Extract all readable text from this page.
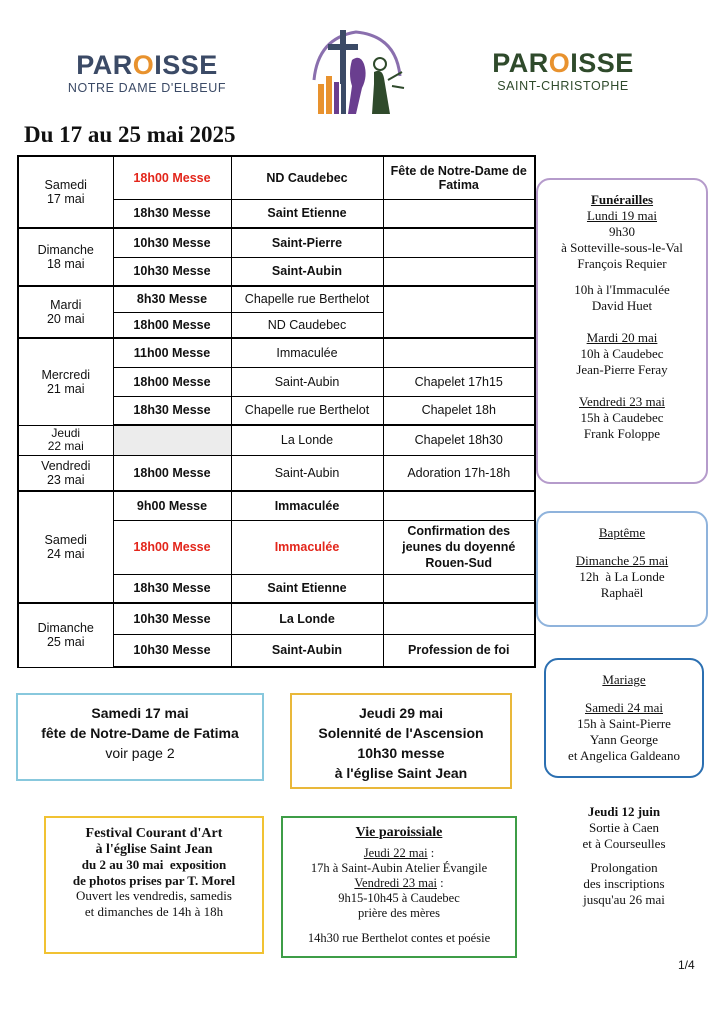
PAROISSE
NOTRE DAME D'ELBEUF
PAROISSE
SAINT-CHRISTOPHE
Du 17 au 25 mai 2025
Samedi
17 mai	18h00 Messe	ND Caudebec	Fête de Notre-Dame de Fatima
	18h30 Messe	Saint Etienne	

Dimanche
18 mai	10h30 Messe	Saint-Pierre	
	10h30 Messe	Saint-Aubin	

Mardi
20 mai	8h30 Messe	Chapelle rue Berthelot	
	18h00 Messe	ND Caudebec	

Mercredi
21 mai	11h00 Messe	Immaculée	
	18h00 Messe	Saint-Aubin	Chapelet 17h15
	18h30 Messe	Chapelle rue Berthelot	Chapelet 18h

Jeudi
22 mai		La Londe	Chapelet 18h30

Vendredi
23 mai	18h00 Messe	Saint-Aubin	Adoration 17h-18h

Samedi
24 mai	9h00 Messe	Immaculée	
	18h00 Messe	Immaculée	Confirmation des jeunes du doyenné Rouen-Sud
	18h30 Messe	Saint Etienne	

Dimanche
25 mai	10h30 Messe	La Londe	
	10h30 Messe	Saint-Aubin	Profession de foi
Funérailles
Lundi 19 mai
9h30
à Sotteville-sous-le-Val
François Requier
10h à l'Immaculée
David Huet
Mardi 20 mai
10h à Caudebec
Jean-Pierre Feray
Vendredi 23 mai
15h à Caudebec
Frank Foloppe
Baptême
Dimanche 25 mai
12h  à La Londe
Raphaël
Mariage
Samedi 24 mai
15h à Saint-Pierre
Yann George
et Angelica Galdeano
Jeudi 12 juin
Sortie à Caen
et à Courseulles
Prolongation
des inscriptions
jusqu'au 26 mai
Samedi 17 mai
fête de Notre-Dame de Fatima
voir page 2
Jeudi 29 mai
Solennité de l'Ascension
10h30 messe
à l'église Saint Jean
Festival Courant d'Art
à l'église Saint Jean
du 2 au 30 mai  exposition
de photos prises par T. Morel
Ouvert les vendredis, samedis
et dimanches de 14h à 18h
Vie paroissiale
Jeudi 22 mai :
17h à Saint-Aubin Atelier Évangile
Vendredi 23 mai :
9h15-10h45 à Caudebec
prière des mères
14h30 rue Berthelot contes et poésie
1/4
